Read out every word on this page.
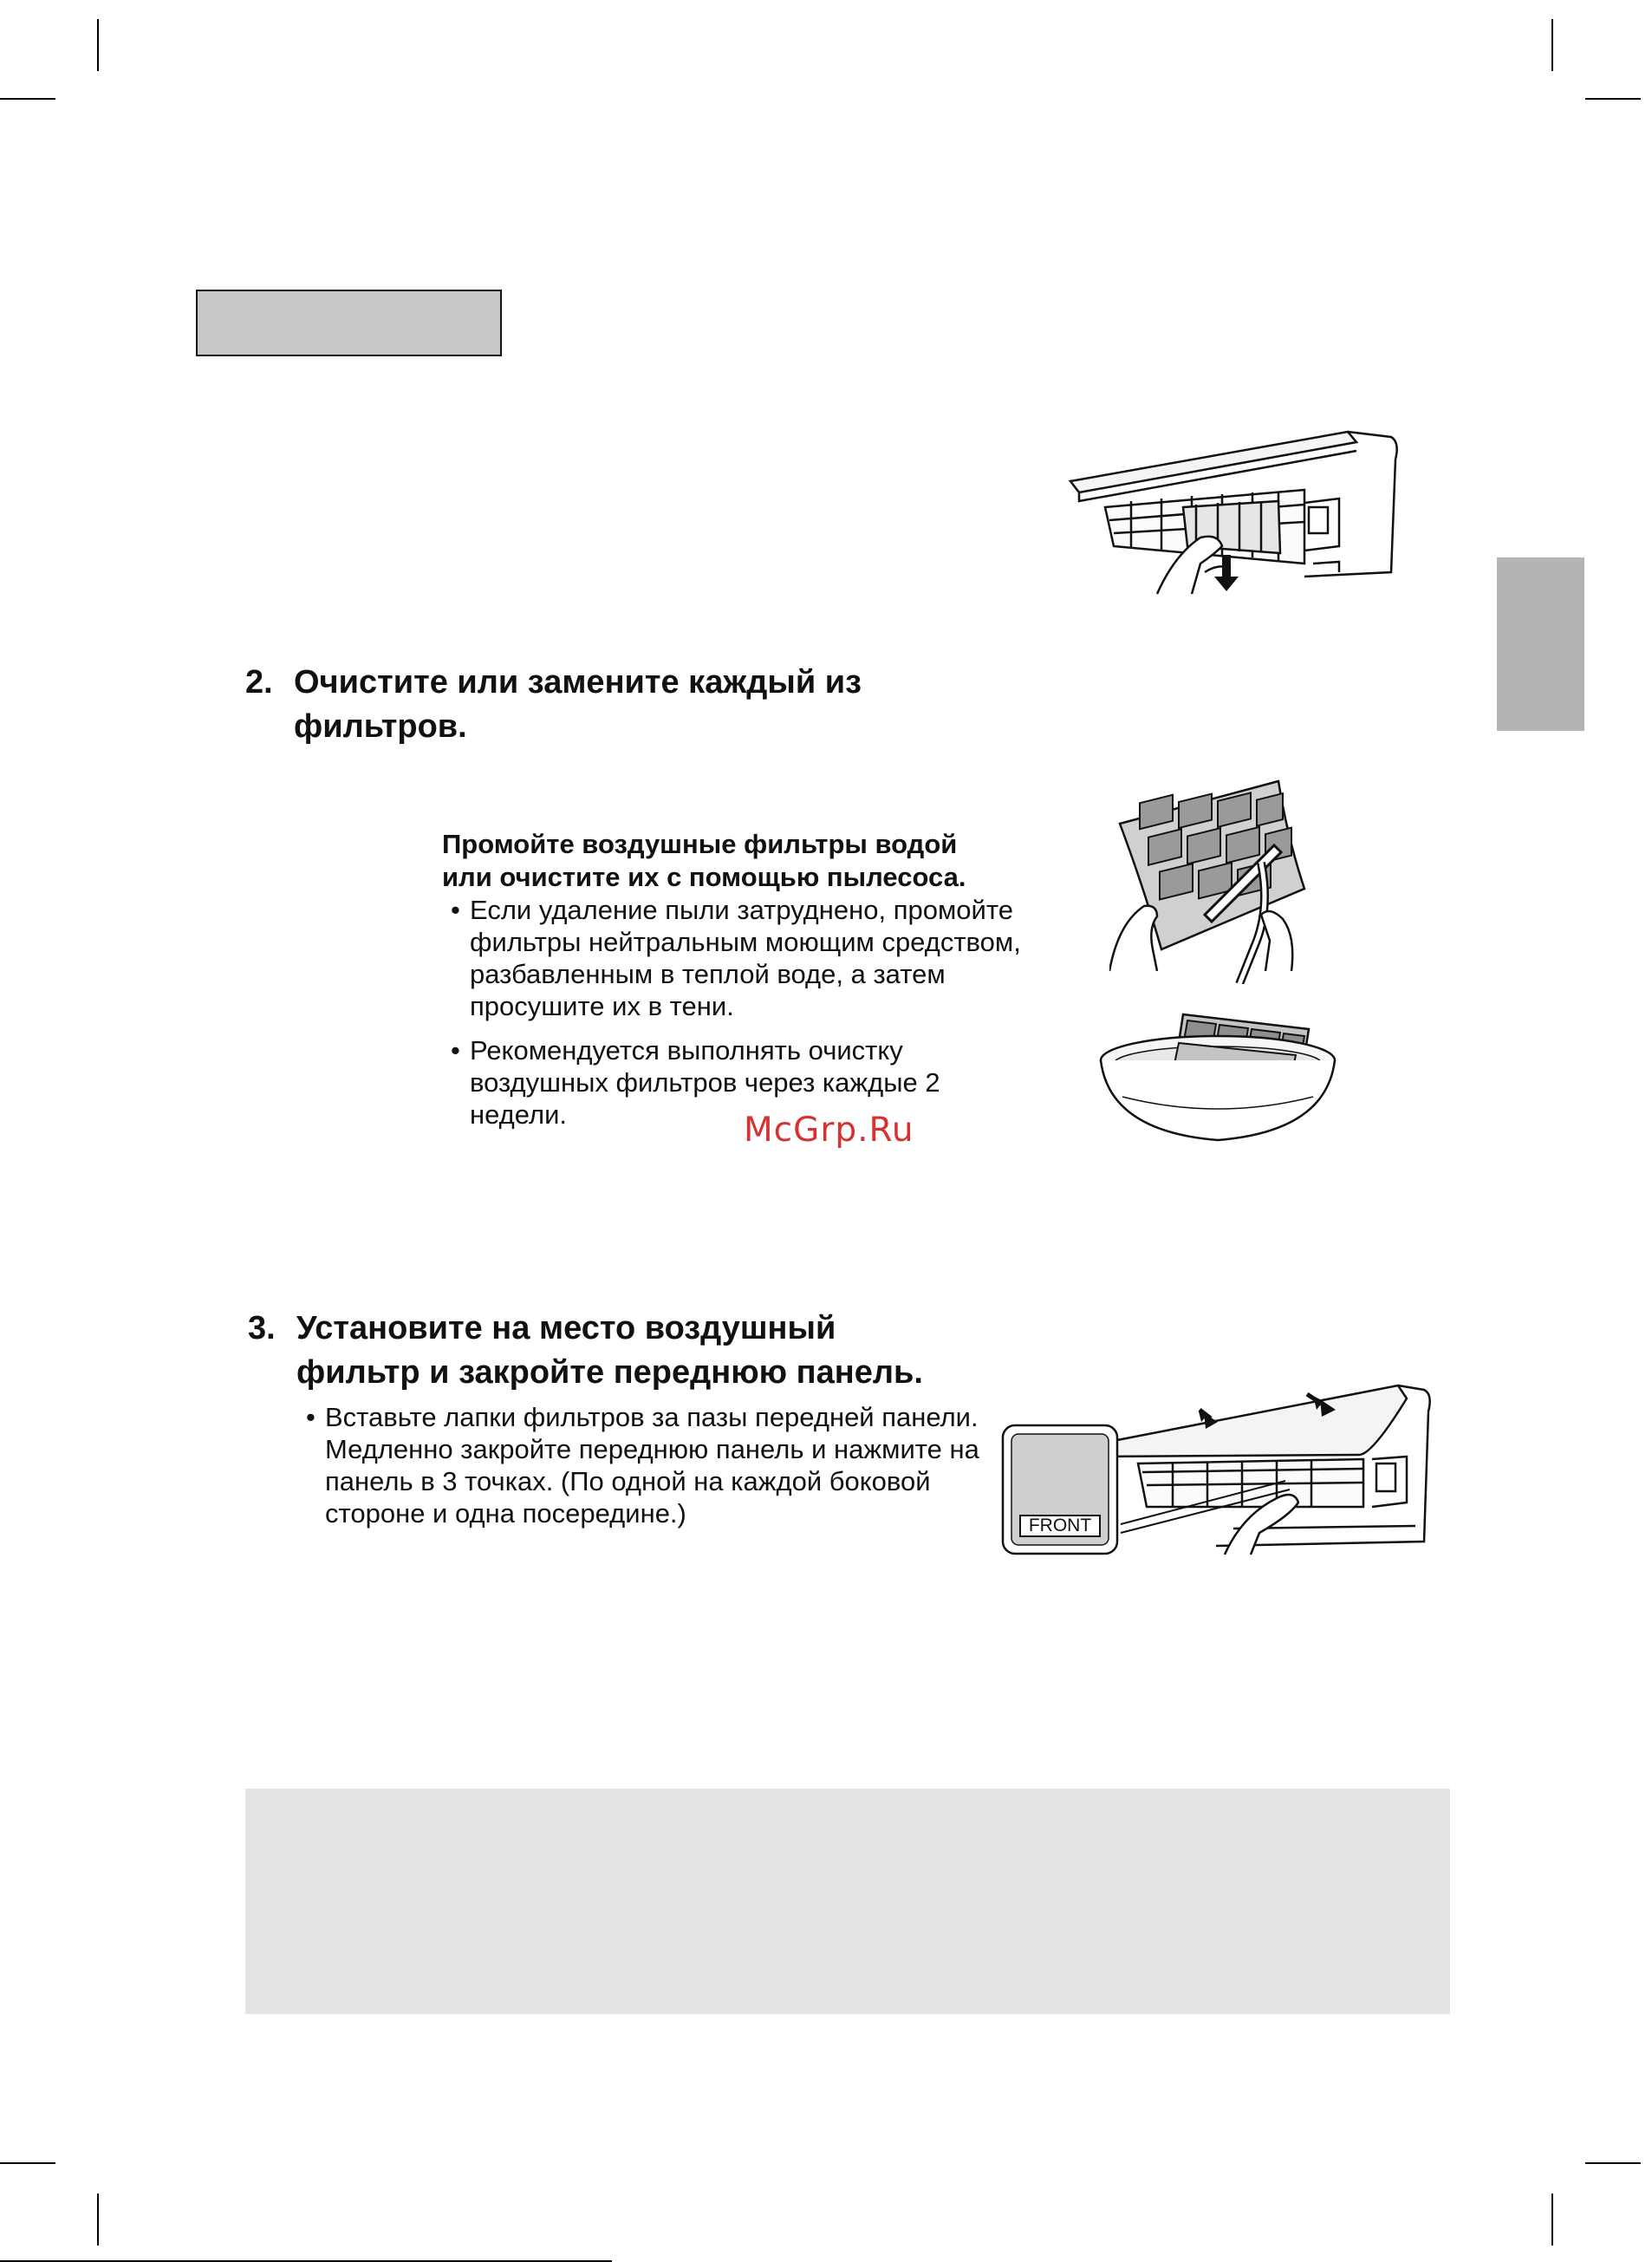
2. Очистите или замените каждый из
фильтров.
Промойте воздушные фильтры водой
или очистите их с помощью пылесоса.
• Если удаление пыли затруднено, промойте фильтры нейтральным моющим средством, разбавленным в теплой воде, а затем просушите их в тени.
• Рекомендуется выполнять очистку воздушных фильтров через каждые 2 недели.
3. Установите на место воздушный
фильтр и закройте переднюю панель.
• Вставьте лапки фильтров за пазы передней панели. Медленно закройте переднюю панель и нажмите на панель в 3 точках. (По одной на каждой боковой стороне и одна посередине.)	FRONT
McGrp.Ru
